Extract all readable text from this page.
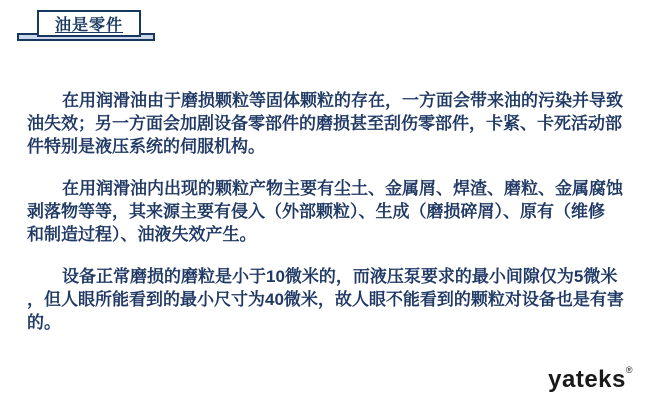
油是零件

在用润滑油由于磨损颗粒等固体颗粒的存在，一方面会带来油的污染并导致
油失效；另一方面会加剧设备零部件的磨损甚至刮伤零部件，卡紧、卡死活动部
件特别是液压系统的伺服机构。

在用润滑油内出现的颗粒产物主要有尘土、金属屑、焊渣、磨粒、金属腐蚀
剥落物等等，其来源主要有侵入（外部颗粒）、生成（磨损碎屑）、原有（维修
和制造过程）、油液失效产生。

设备正常磨损的磨粒是小于10微米的，而液压泵要求的最小间隙仅为5微米
，但人眼所能看到的最小尺寸为40微米，故人眼不能看到的颗粒对设备也是有害
的。

yateks®
